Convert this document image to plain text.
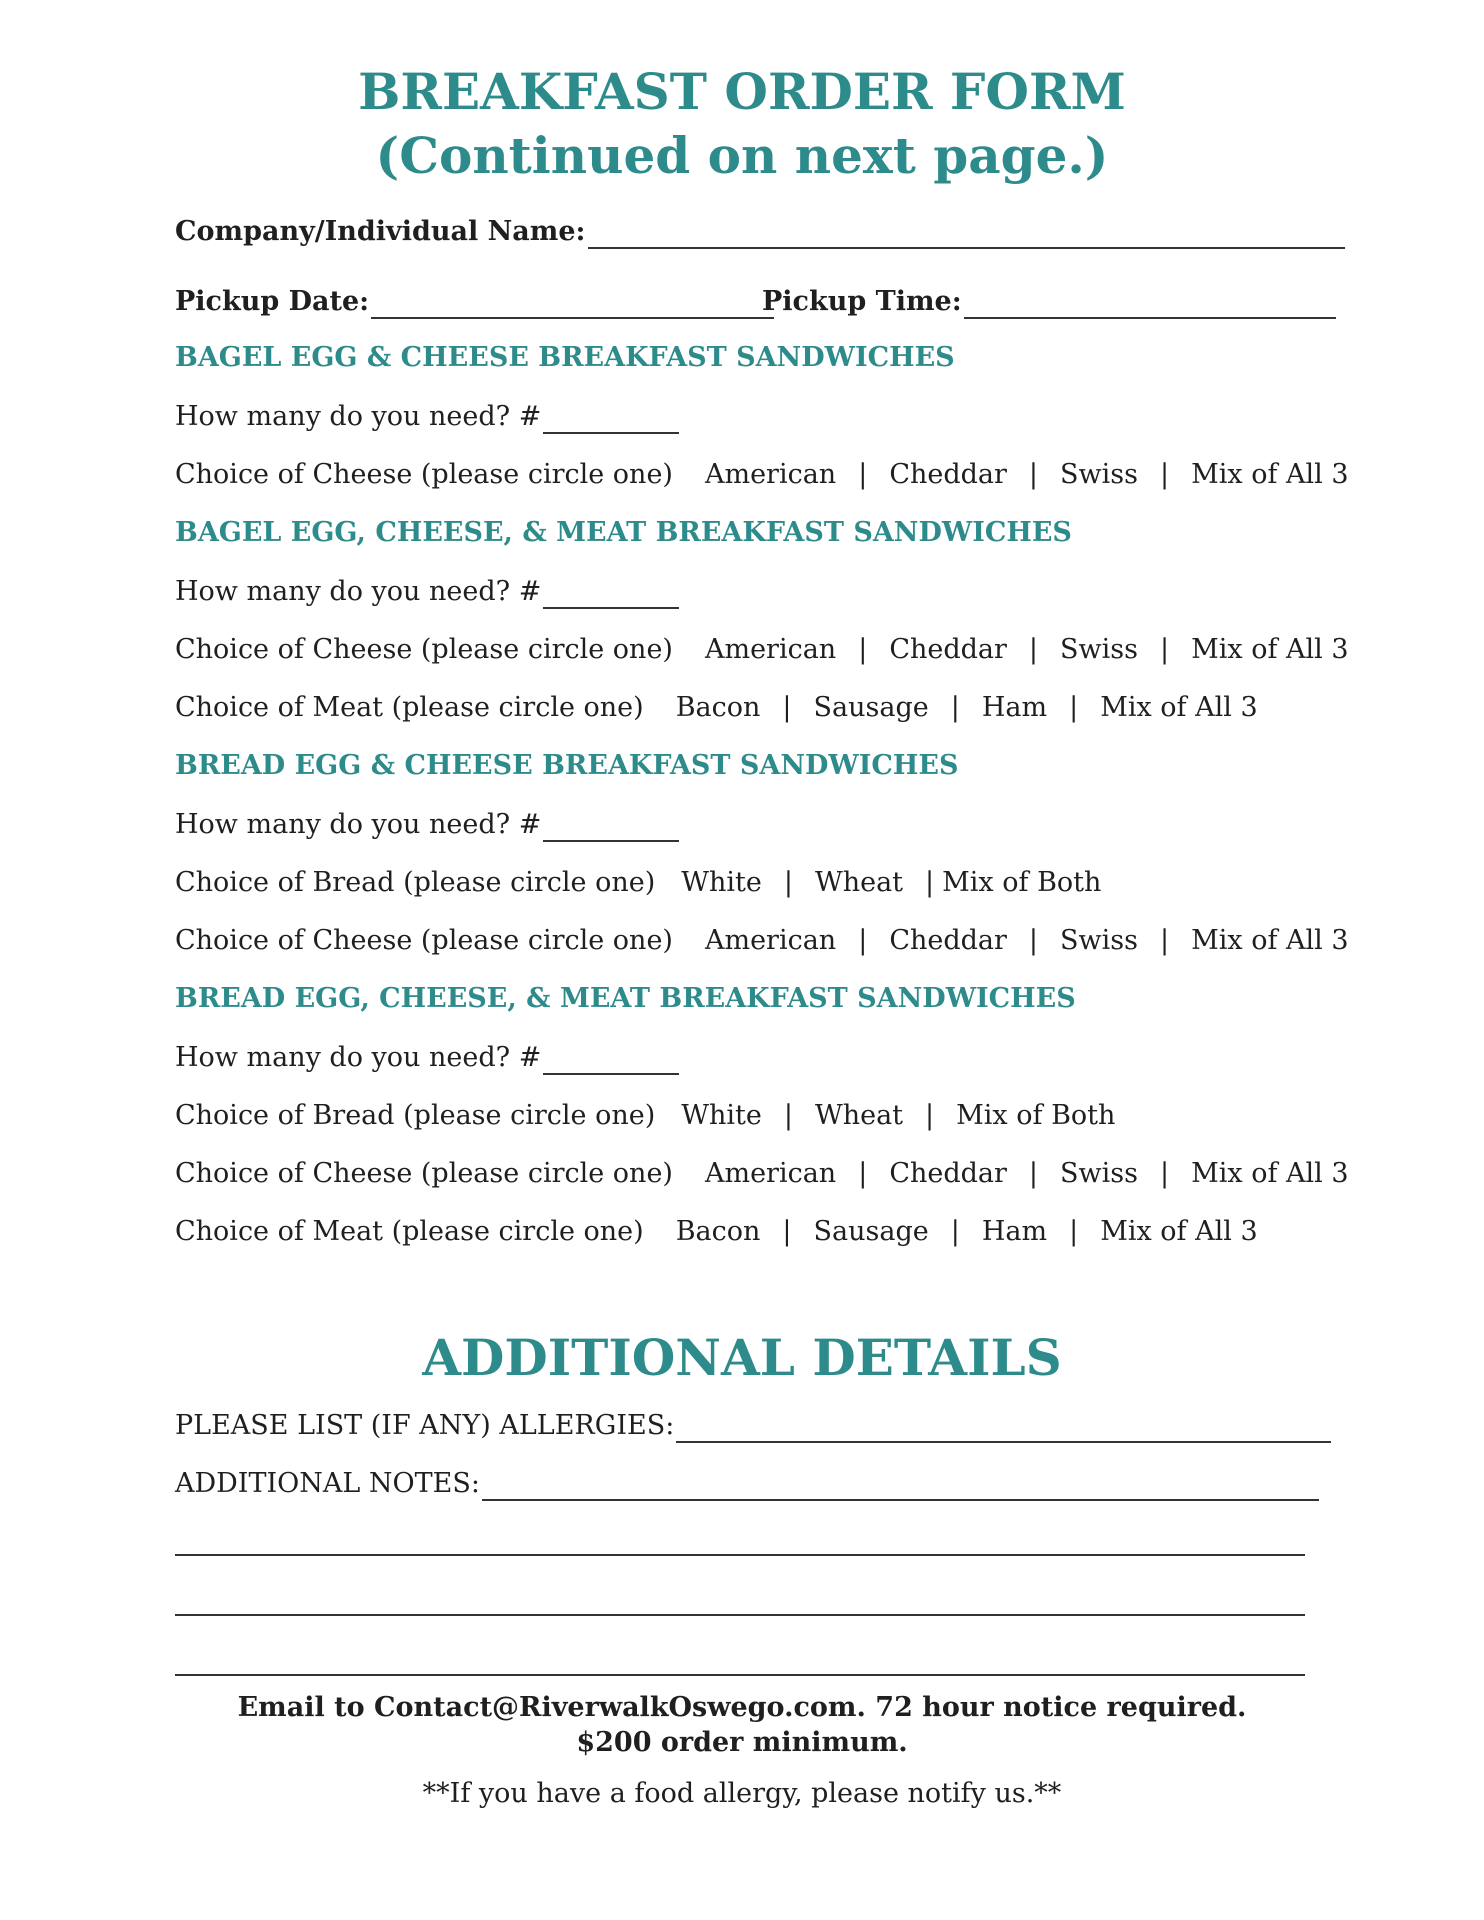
BREAKFAST ORDER FORM
(Continued on next page.)
Company/Individual Name:
Pickup Date:	Pickup Time:
BAGEL EGG & CHEESE BREAKFAST SANDWICHES
How many do you need? #
Choice of Cheese (please circle one) American | Cheddar | Swiss | Mix of All 3
BAGEL EGG, CHEESE, & MEAT BREAKFAST SANDWICHES
How many do you need? #
Choice of Cheese (please circle one) American | Cheddar | Swiss | Mix of All 3
Choice of Meat (please circle one) Bacon | Sausage | Ham | Mix of All 3
BREAD EGG & CHEESE BREAKFAST SANDWICHES
How many do you need? #
Choice of Bread (please circle one) White | Wheat | Mix of Both
Choice of Cheese (please circle one) American | Cheddar | Swiss | Mix of All 3
BREAD EGG, CHEESE, & MEAT BREAKFAST SANDWICHES
How many do you need? #
Choice of Bread (please circle one) White | Wheat | Mix of Both
Choice of Cheese (please circle one) American | Cheddar | Swiss | Mix of All 3
Choice of Meat (please circle one) Bacon | Sausage | Ham | Mix of All 3
ADDITIONAL DETAILS
PLEASE LIST (IF ANY) ALLERGIES:
ADDITIONAL NOTES:
Email to Contact@RiverwalkOswego.com. 72 hour notice required.
$200 order minimum.
**If you have a food allergy, please notify us.**
